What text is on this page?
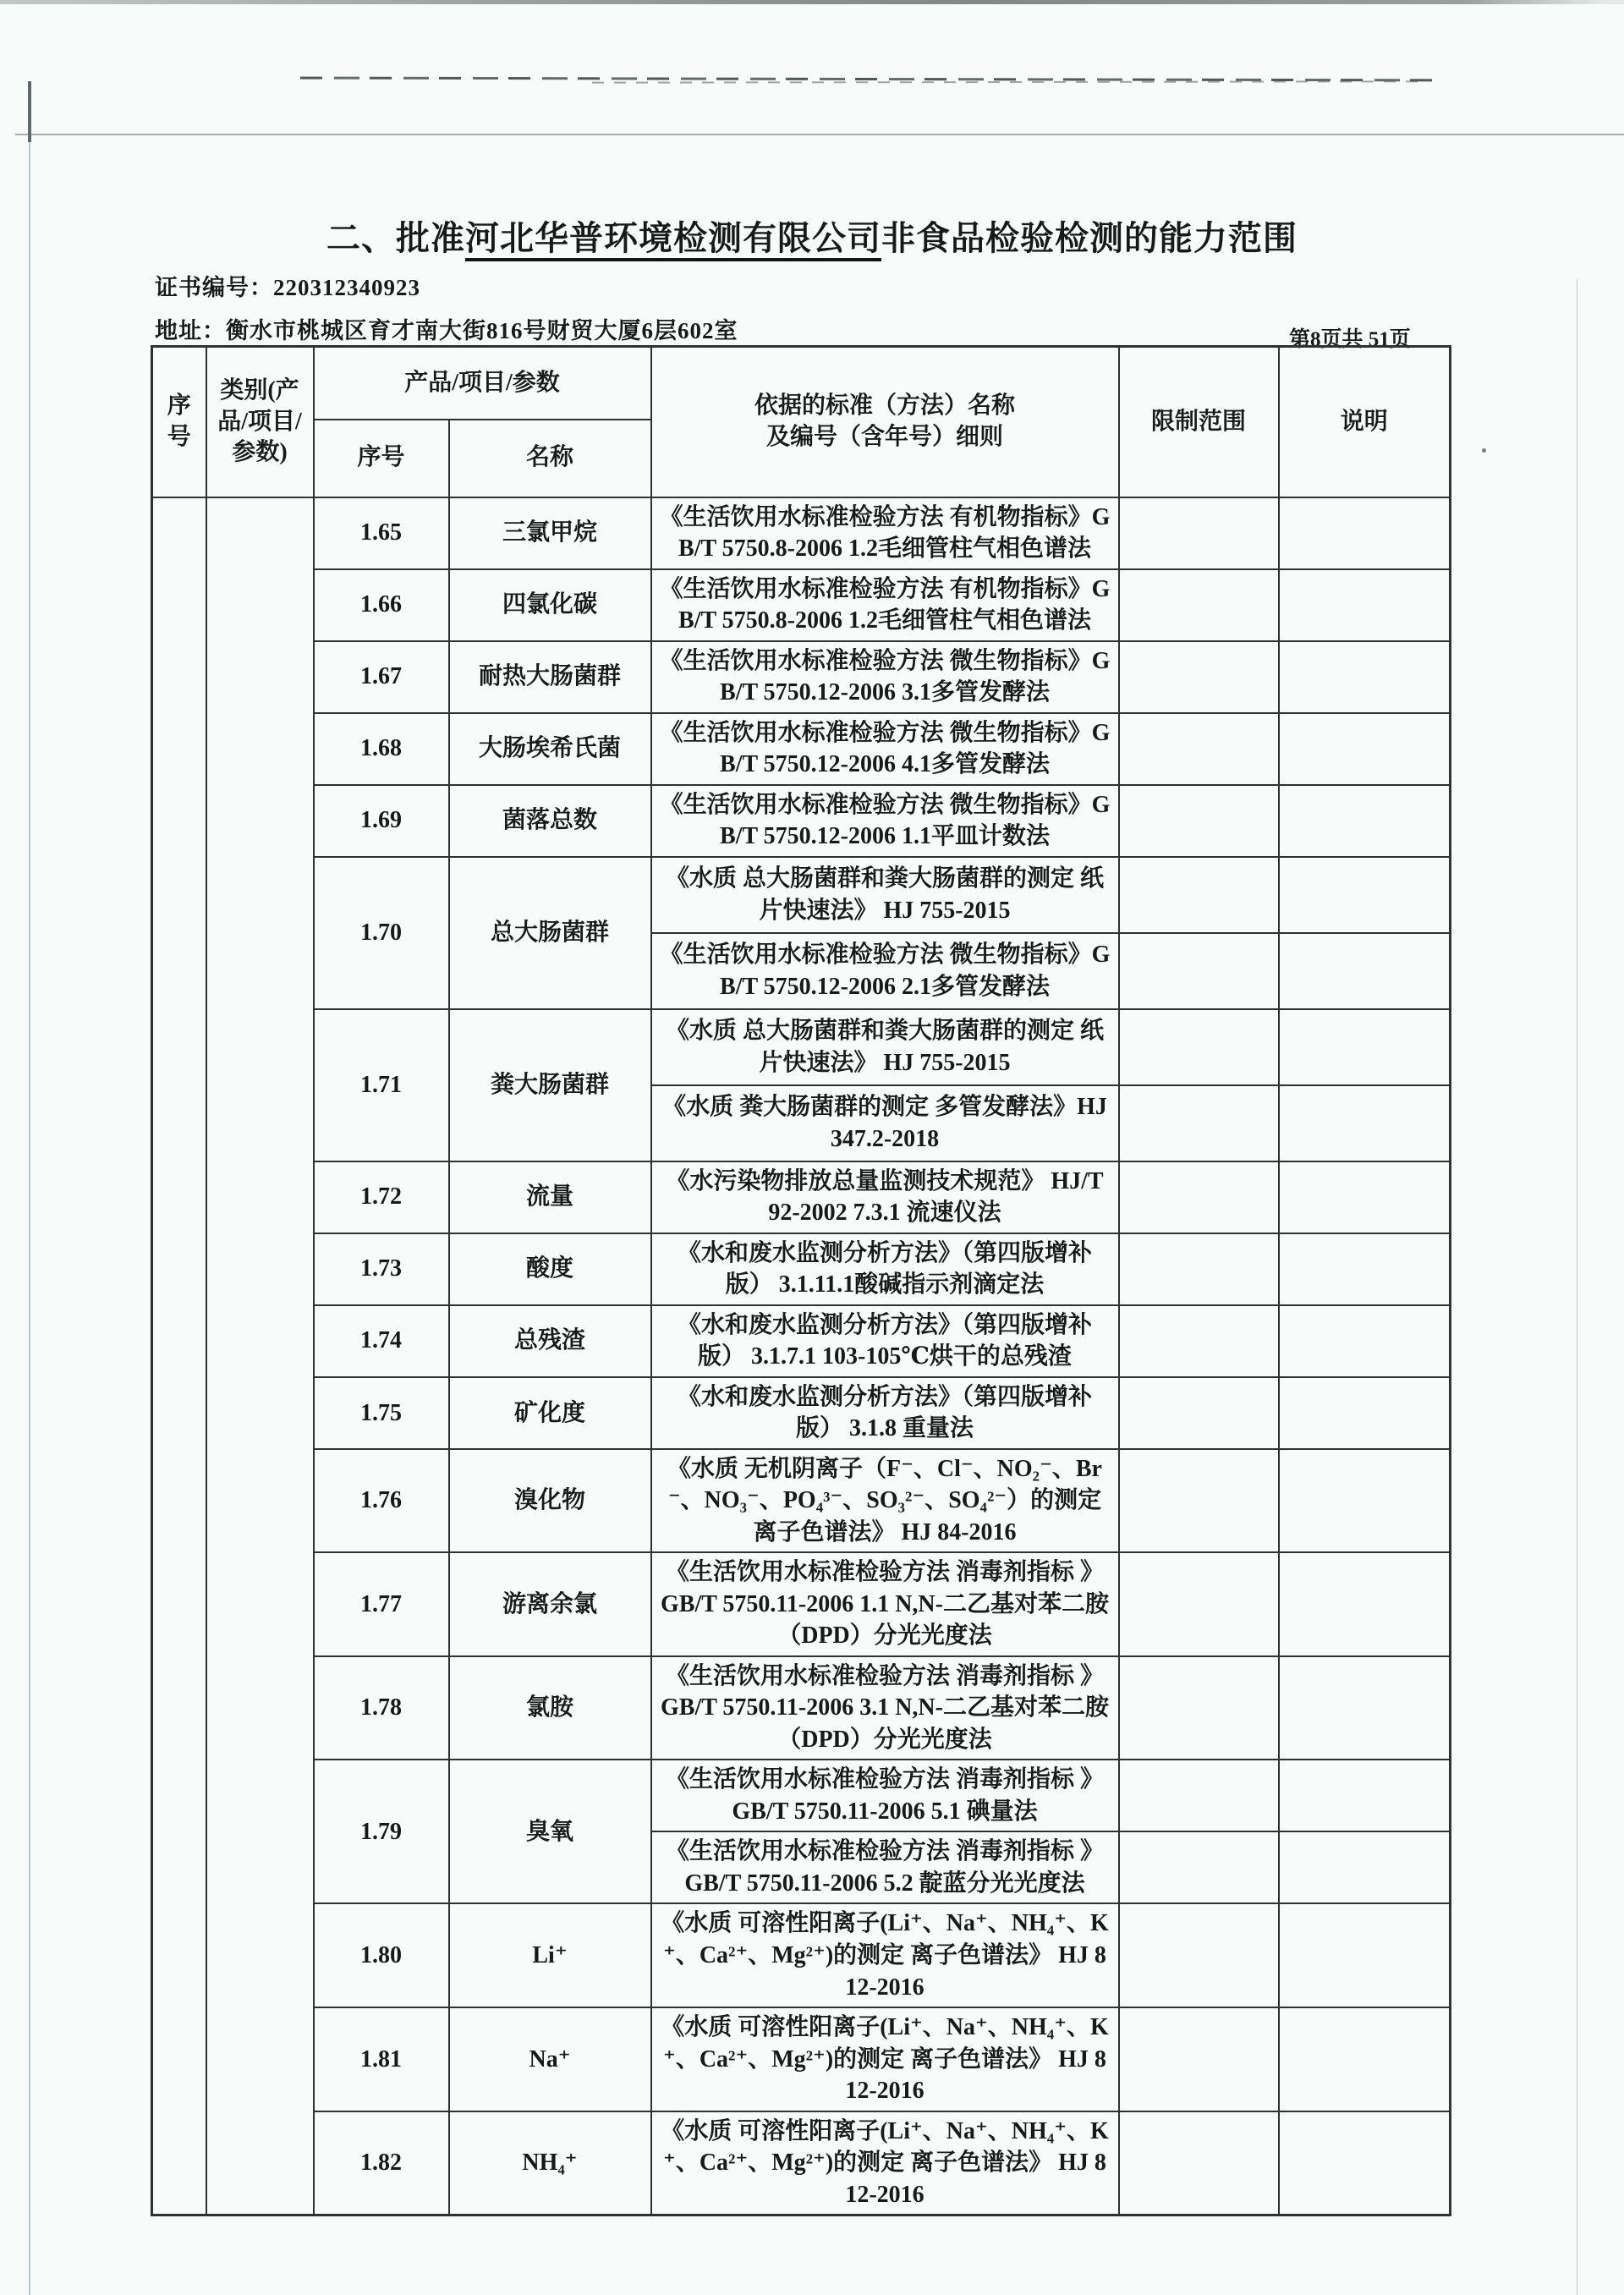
二、批准河北华普环境检测有限公司非食品检验检测的能力范围
证书编号：220312340923
地址：衡水市桃城区育才南大街816号财贸大厦6层602室	第8页共 51页
序号	类别(产品/项目/参数)	产品/项目/参数		依据的标准（方法）名称
及编号（含年号）细则	限制范围	说明
		序号	名称			
		1.65	三氯甲烷	《生活饮用水标准检验方法 有机物指标》GB/T 5750.8-2006 1.2毛细管柱气相色谱法		
		1.66	四氯化碳	《生活饮用水标准检验方法 有机物指标》GB/T 5750.8-2006 1.2毛细管柱气相色谱法		
		1.67	耐热大肠菌群	《生活饮用水标准检验方法 微生物指标》GB/T 5750.12-2006 3.1多管发酵法		
		1.68	大肠埃希氏菌	《生活饮用水标准检验方法 微生物指标》GB/T 5750.12-2006 4.1多管发酵法		
		1.69	菌落总数	《生活饮用水标准检验方法 微生物指标》GB/T 5750.12-2006 1.1平皿计数法		
		1.70	总大肠菌群	《水质 总大肠菌群和粪大肠菌群的测定 纸片快速法》 HJ 755-2015		
				《生活饮用水标准检验方法 微生物指标》GB/T 5750.12-2006 2.1多管发酵法		
		1.71	粪大肠菌群	《水质 总大肠菌群和粪大肠菌群的测定 纸片快速法》 HJ 755-2015		
				《水质 粪大肠菌群的测定 多管发酵法》HJ 347.2-2018		
		1.72	流量	《水污染物排放总量监测技术规范》 HJ/T 92-2002 7.3.1 流速仪法		
		1.73	酸度	《水和废水监测分析方法》（第四版增补版） 3.1.11.1酸碱指示剂滴定法		
		1.74	总残渣	《水和废水监测分析方法》（第四版增补版） 3.1.7.1 103-105℃烘干的总残渣		
		1.75	矿化度	《水和废水监测分析方法》（第四版增补版） 3.1.8 重量法		
		1.76	溴化物	《水质 无机阴离子（F⁻、Cl⁻、NO₂⁻、Br⁻、NO₃⁻、PO₄³⁻、SO₃²⁻、SO₄²⁻）的测定 离子色谱法》 HJ 84-2016		
		1.77	游离余氯	《生活饮用水标准检验方法 消毒剂指标 》GB/T 5750.11-2006 1.1 N,N-二乙基对苯二胺（DPD）分光光度法		
		1.78	氯胺	《生活饮用水标准检验方法 消毒剂指标 》GB/T 5750.11-2006 3.1 N,N-二乙基对苯二胺（DPD）分光光度法		
		1.79	臭氧	《生活饮用水标准检验方法 消毒剂指标 》GB/T 5750.11-2006 5.1 碘量法		
				《生活饮用水标准检验方法 消毒剂指标 》GB/T 5750.11-2006 5.2 靛蓝分光光度法		
		1.80	Li⁺	《水质 可溶性阳离子(Li⁺、Na⁺、NH₄⁺、K⁺、Ca²⁺、Mg²⁺)的测定 离子色谱法》 HJ 812-2016		
		1.81	Na⁺	《水质 可溶性阳离子(Li⁺、Na⁺、NH₄⁺、K⁺、Ca²⁺、Mg²⁺)的测定 离子色谱法》 HJ 812-2016		
		1.82	NH₄⁺	《水质 可溶性阳离子(Li⁺、Na⁺、NH₄⁺、K⁺、Ca²⁺、Mg²⁺)的测定 离子色谱法》 HJ 812-2016		
